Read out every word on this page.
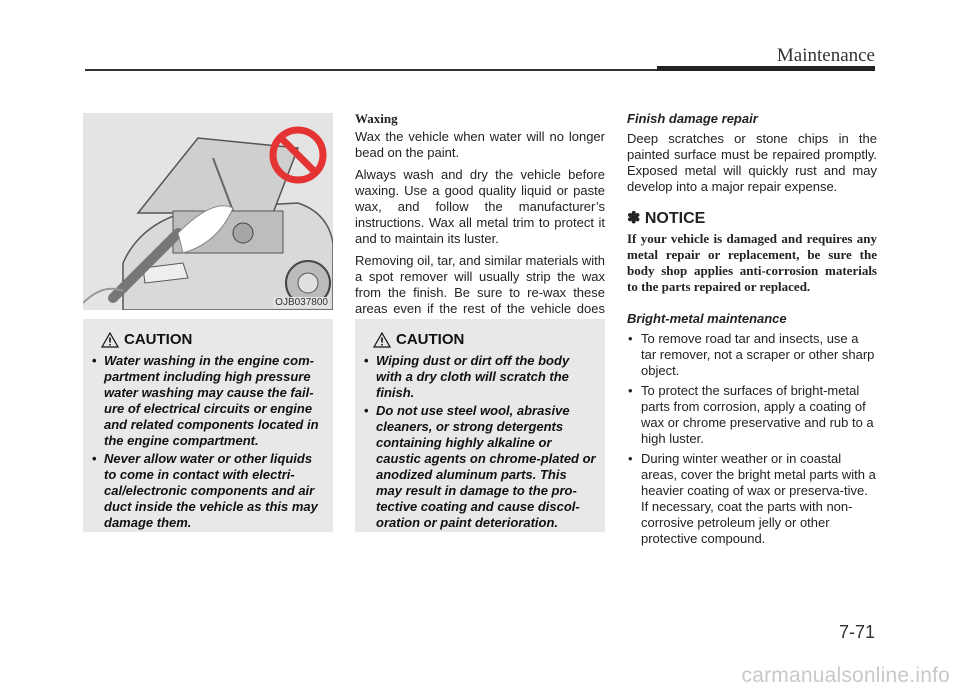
Maintenance
OJB037800
CAUTION
• Water washing in the engine com-partment including high pressure water washing may cause the fail-ure of electrical circuits or engine and related components located in the engine compartment.
• Never allow water or other liquids to come in contact with electri-cal/electronic components and air duct inside the vehicle as this may damage them.
Waxing

Wax the vehicle when water will no longer bead on the paint.

Always wash and dry the vehicle before waxing. Use a good quality liquid or paste wax, and follow the manufacturer’s instructions. Wax all metal trim to protect it and to maintain its luster.

Removing oil, tar, and similar materials with a spot remover will usually strip the wax from the finish. Be sure to re-wax these areas even if the rest of the vehicle does

CAUTION
• Wiping dust or dirt off the body with a dry cloth will scratch the finish.
• Do not use steel wool, abrasive cleaners, or strong detergents containing highly alkaline or caustic agents on chrome-plated or anodized aluminum parts. This may result in damage to the pro-tective coating and cause discol-oration or paint deterioration.
Finish damage repair

Deep scratches or stone chips in the painted surface must be repaired promptly. Exposed metal will quickly rust and may develop into a major repair expense.

✽ NOTICE
If your vehicle is damaged and requires any metal repair or replacement, be sure the body shop applies anti-corrosion materials to the parts repaired or replaced.
Bright-metal maintenance
• To remove road tar and insects, use a tar remover, not a scraper or other sharp object.
• To protect the surfaces of bright-metal parts from corrosion, apply a coating of wax or chrome preservative and rub to a high luster.
• During winter weather or in coastal areas, cover the bright metal parts with a heavier coating of wax or preserva-tive. If necessary, coat the parts with non-corrosive petroleum jelly or other protective compound.
7-71
carmanualsonline.info
